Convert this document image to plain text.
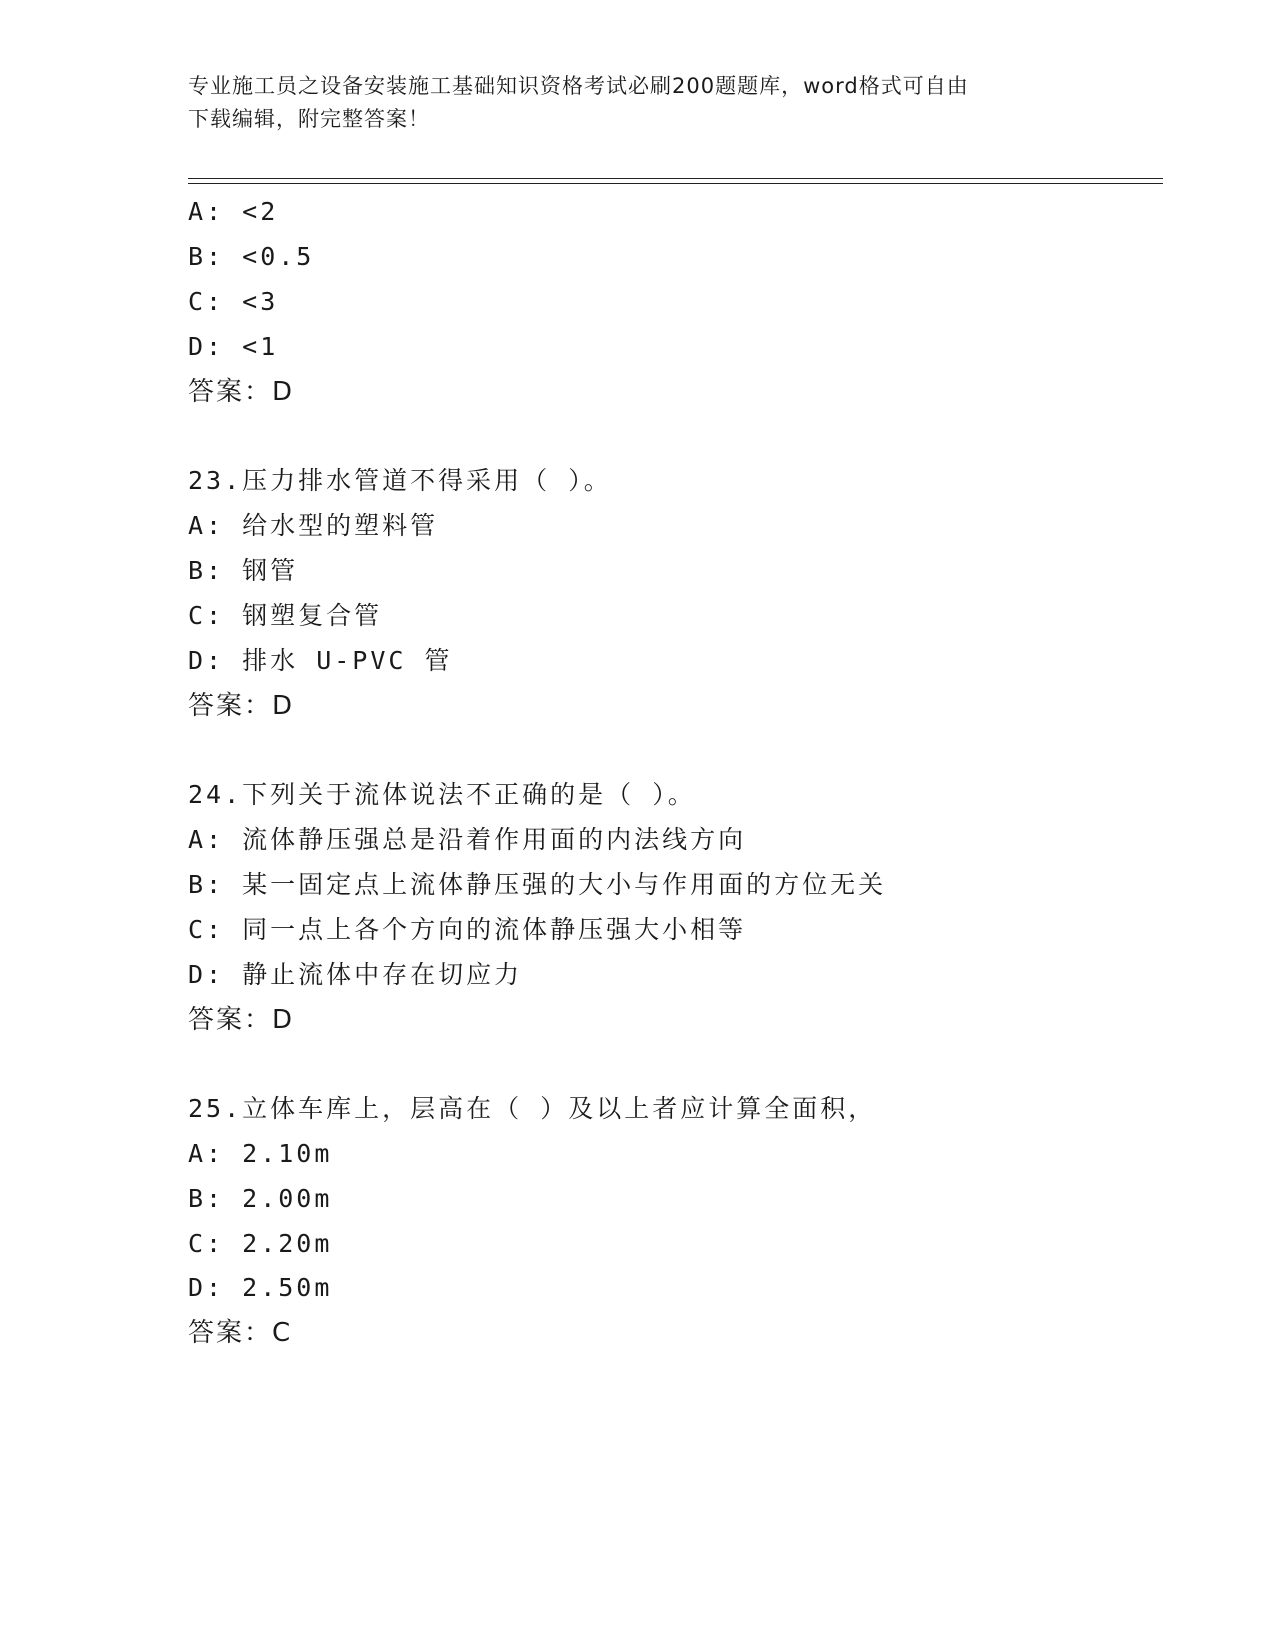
专业施工员之设备安装施工基础知识资格考试必刷200题题库，word格式可自由
下载编辑，附完整答案！
A: <2
B: <0.5
C: <3
D: <1
答案：D
23.压力排水管道不得采用（ ）。
A: 给水型的塑料管
B: 钢管
C: 钢塑复合管
D: 排水 U-PVC 管
答案：D
24.下列关于流体说法不正确的是（ ）。
A: 流体静压强总是沿着作用面的内法线方向
B: 某一固定点上流体静压强的大小与作用面的方位无关
C: 同一点上各个方向的流体静压强大小相等
D: 静止流体中存在切应力
答案：D
25.立体车库上，层高在（ ）及以上者应计算全面积，
A: 2.10m
B: 2.00m
C: 2.20m
D: 2.50m
答案：C
